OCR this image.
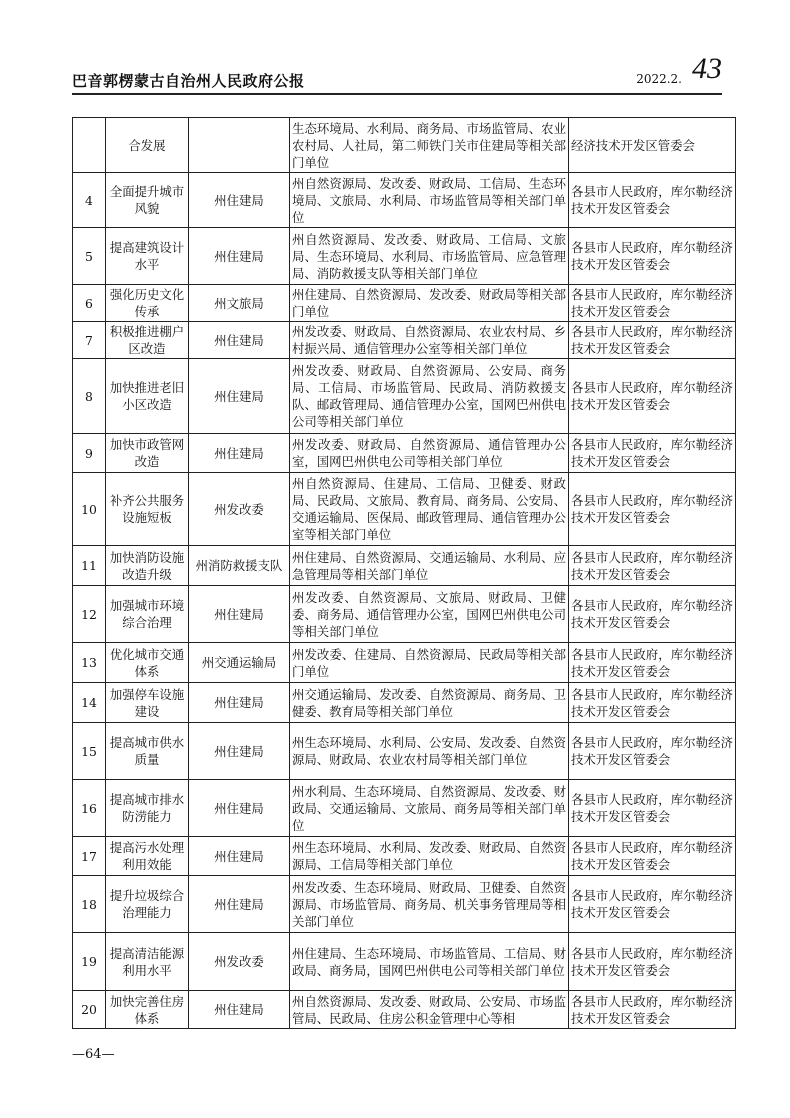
巴音郭楞蒙古自治州人民政府公报	2022.2. 43
	合发展		生态环境局、水利局、商务局、市场监管局、农业农村局、人社局，第二师铁门关市住建局等相关部门单位	经济技术开发区管委会
4	全面提升城市风貌	州住建局	州自然资源局、发改委、财政局、工信局、生态环境局、文旅局、水利局、市场监管局等相关部门单位	各县市人民政府，库尔勒经济技术开发区管委会
5	提高建筑设计水平	州住建局	州自然资源局、发改委、财政局、工信局、文旅局、生态环境局、水利局、市场监管局、应急管理局、消防救援支队等相关部门单位	各县市人民政府，库尔勒经济技术开发区管委会
6	强化历史文化传承	州文旅局	州住建局、自然资源局、发改委、财政局等相关部门单位	各县市人民政府，库尔勒经济技术开发区管委会
7	积极推进棚户区改造	州住建局	州发改委、财政局、自然资源局、农业农村局、乡村振兴局、通信管理办公室等相关部门单位	各县市人民政府，库尔勒经济技术开发区管委会
8	加快推进老旧小区改造	州住建局	州发改委、财政局、自然资源局、公安局、商务局、工信局、市场监管局、民政局、消防救援支队、邮政管理局、通信管理办公室，国网巴州供电公司等相关部门单位	各县市人民政府，库尔勒经济技术开发区管委会
9	加快市政管网改造	州住建局	州发改委、财政局、自然资源局、通信管理办公室，国网巴州供电公司等相关部门单位	各县市人民政府，库尔勒经济技术开发区管委会
10	补齐公共服务设施短板	州发改委	州自然资源局、住建局、工信局、卫健委、财政局、民政局、文旅局、教育局、商务局、公安局、交通运输局、医保局、邮政管理局、通信管理办公室等相关部门单位	各县市人民政府，库尔勒经济技术开发区管委会
11	加快消防设施改造升级	州消防救援支队	州住建局、自然资源局、交通运输局、水利局、应急管理局等相关部门单位	各县市人民政府，库尔勒经济技术开发区管委会
12	加强城市环境综合治理	州住建局	州发改委、自然资源局、文旅局、财政局、卫健委、商务局、通信管理办公室，国网巴州供电公司等相关部门单位	各县市人民政府，库尔勒经济技术开发区管委会
13	优化城市交通体系	州交通运输局	州发改委、住建局、自然资源局、民政局等相关部门单位	各县市人民政府，库尔勒经济技术开发区管委会
14	加强停车设施建设	州住建局	州交通运输局、发改委、自然资源局、商务局、卫健委、教育局等相关部门单位	各县市人民政府，库尔勒经济技术开发区管委会
15	提高城市供水质量	州住建局	州生态环境局、水利局、公安局、发改委、自然资源局、财政局、农业农村局等相关部门单位	各县市人民政府，库尔勒经济技术开发区管委会
16	提高城市排水防涝能力	州住建局	州水利局、生态环境局、自然资源局、发改委、财政局、交通运输局、文旅局、商务局等相关部门单位	各县市人民政府，库尔勒经济技术开发区管委会
17	提高污水处理利用效能	州住建局	州生态环境局、水利局、发改委、财政局、自然资源局、工信局等相关部门单位	各县市人民政府，库尔勒经济技术开发区管委会
18	提升垃圾综合治理能力	州住建局	州发改委、生态环境局、财政局、卫健委、自然资源局、市场监管局、商务局、机关事务管理局等相关部门单位	各县市人民政府，库尔勒经济技术开发区管委会
19	提高清洁能源利用水平	州发改委	州住建局、生态环境局、市场监管局、工信局、财政局、商务局，国网巴州供电公司等相关部门单位	各县市人民政府，库尔勒经济技术开发区管委会
20	加快完善住房体系	州住建局	州自然资源局、发改委、财政局、公安局、市场监管局、民政局、住房公积金管理中心等相	各县市人民政府，库尔勒经济技术开发区管委会
—64—
